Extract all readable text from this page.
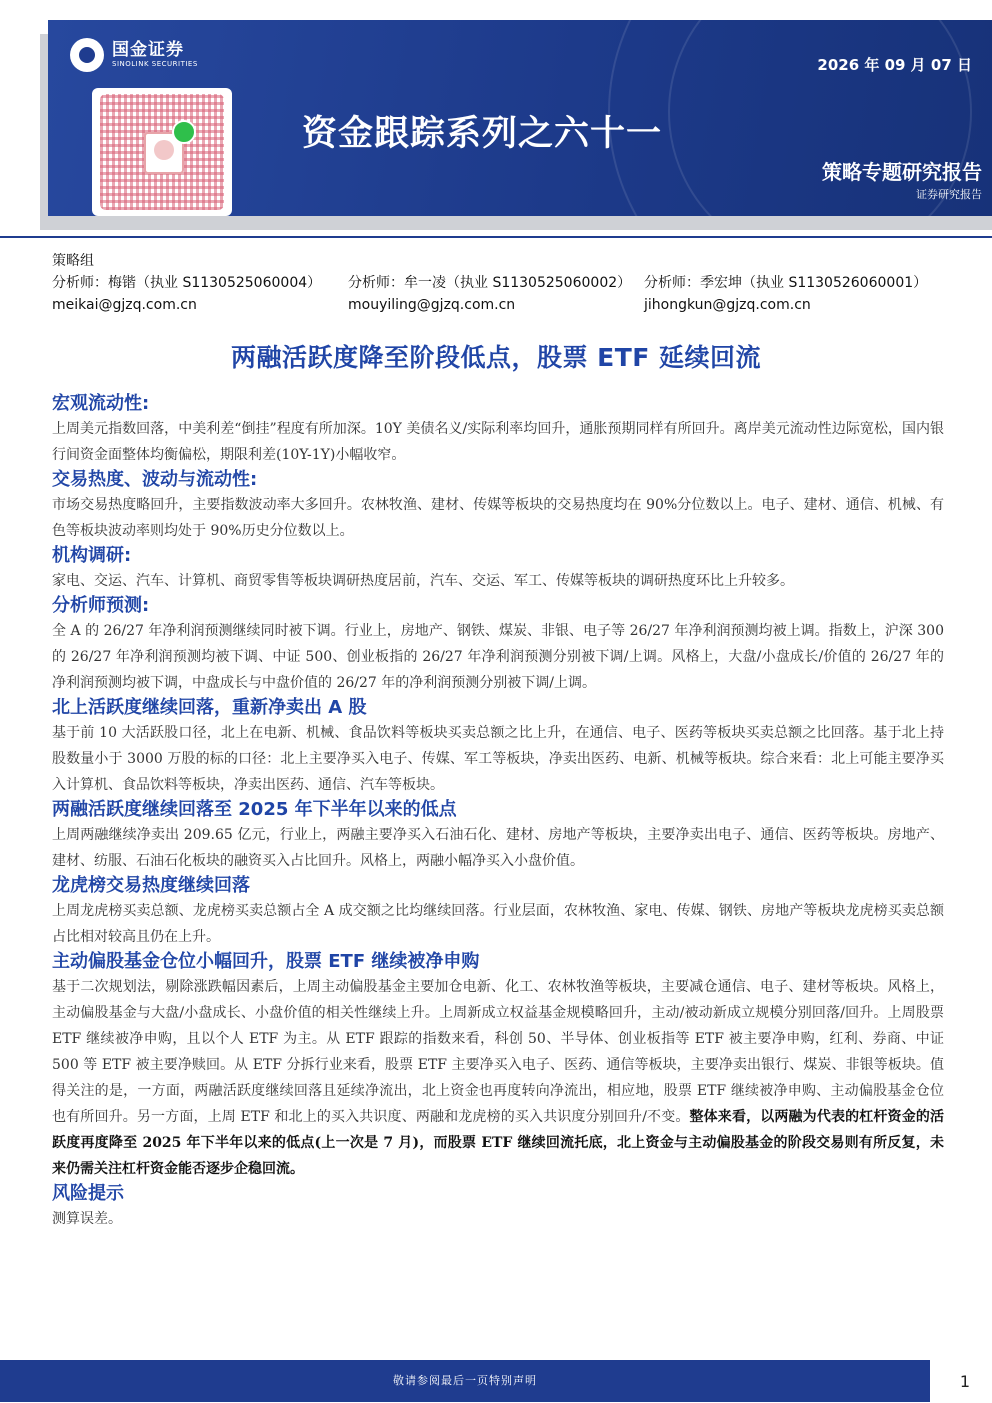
国金证券
SINOLINK SECURITIES	2026 年 09 月 07 日
资金跟踪系列之六十一
策略专题研究报告
证券研究报告
策略组
分析师：梅锴（执业 S1130525060004）	分析师：牟一凌（执业 S1130525060002） 分析师：季宏坤（执业 S1130526060001）
meikai@gjzq.com.cn	mouyiling@gjzq.com.cn	jihongkun@gjzq.com.cn
两融活跃度降至阶段低点，股票 ETF 延续回流
宏观流动性:

上周美元指数回落，中美利差“倒挂”程度有所加深。10Y 美债名义/实际利率均回升，通胀预期同样有所回升。离岸美元流动性边际宽松，国内银行间资金面整体均衡偏松，期限利差(10Y-1Y)小幅收窄。

交易热度、波动与流动性:

市场交易热度略回升，主要指数波动率大多回升。农林牧渔、建材、传媒等板块的交易热度均在 90%分位数以上。电子、建材、通信、机械、有色等板块波动率则均处于 90%历史分位数以上。

机构调研:

家电、交运、汽车、计算机、商贸零售等板块调研热度居前，汽车、交运、军工、传媒等板块的调研热度环比上升较多。

分析师预测:

全 A 的 26/27 年净利润预测继续同时被下调。行业上，房地产、钢铁、煤炭、非银、电子等 26/27 年净利润预测均被上调。指数上，沪深 300 的 26/27 年净利润预测均被下调、中证 500、创业板指的 26/27 年净利润预测分别被下调/上调。风格上，大盘/小盘成长/价值的 26/27 年的净利润预测均被下调，中盘成长与中盘价值的 26/27 年的净利润预测分别被下调/上调。

北上活跃度继续回落，重新净卖出 A 股

基于前 10 大活跃股口径，北上在电新、机械、食品饮料等板块买卖总额之比上升，在通信、电子、医药等板块买卖总额之比回落。基于北上持股数量小于 3000 万股的标的口径：北上主要净买入电子、传媒、军工等板块，净卖出医药、电新、机械等板块。综合来看：北上可能主要净买入计算机、食品饮料等板块，净卖出医药、通信、汽车等板块。

两融活跃度继续回落至 2025 年下半年以来的低点

上周两融继续净卖出 209.65 亿元，行业上，两融主要净买入石油石化、建材、房地产等板块，主要净卖出电子、通信、医药等板块。房地产、建材、纺服、石油石化板块的融资买入占比回升。风格上，两融小幅净买入小盘价值。

龙虎榜交易热度继续回落

上周龙虎榜买卖总额、龙虎榜买卖总额占全 A 成交额之比均继续回落。行业层面，农林牧渔、家电、传媒、钢铁、房地产等板块龙虎榜买卖总额占比相对较高且仍在上升。

主动偏股基金仓位小幅回升，股票 ETF 继续被净申购

基于二次规划法，剔除涨跌幅因素后，上周主动偏股基金主要加仓电新、化工、农林牧渔等板块，主要减仓通信、电子、建材等板块。风格上，主动偏股基金与大盘/小盘成长、小盘价值的相关性继续上升。上周新成立权益基金规模略回升，主动/被动新成立规模分别回落/回升。上周股票 ETF 继续被净申购，且以个人 ETF 为主。从 ETF 跟踪的指数来看，科创 50、半导体、创业板指等 ETF 被主要净申购，红利、券商、中证 500 等 ETF 被主要净赎回。从 ETF 分拆行业来看，股票 ETF 主要净买入电子、医药、通信等板块，主要净卖出银行、煤炭、非银等板块。值得关注的是，一方面，两融活跃度继续回落且延续净流出，北上资金也再度转向净流出，相应地，股票 ETF 继续被净申购、主动偏股基金仓位也有所回升。另一方面，上周 ETF 和北上的买入共识度、两融和龙虎榜的买入共识度分别回升/不变。整体来看，以两融为代表的杠杆资金的活跃度再度降至 2025 年下半年以来的低点(上一次是 7 月)，而股票 ETF 继续回流托底，北上资金与主动偏股基金的阶段交易则有所反复，未来仍需关注杠杆资金能否逐步企稳回流。

风险提示

测算误差。

敬请参阅最后一页特别声明	1
